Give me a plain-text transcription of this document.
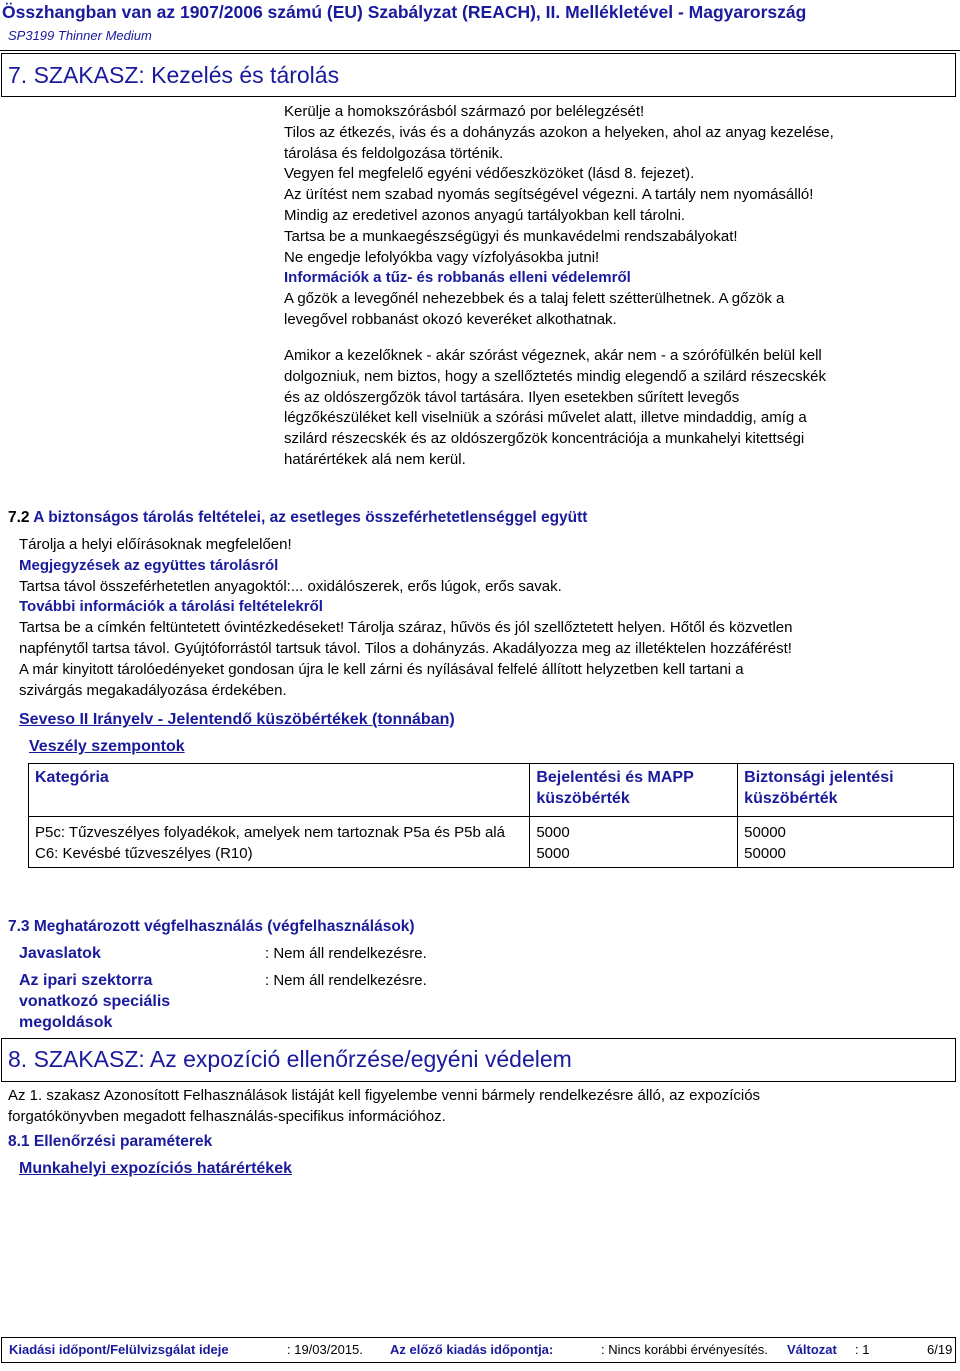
Összhangban van az 1907/2006 számú (EU) Szabályzat (REACH), II. Mellékletével - Magyarország
SP3199 Thinner Medium
7. SZAKASZ: Kezelés és tárolás
Kerülje a homokszórásból származó por belélegzését!
Tilos az étkezés, ivás és a dohányzás azokon a helyeken, ahol az anyag kezelése,
tárolása és feldolgozása történik.
Vegyen fel megfelelő egyéni védőeszközöket (lásd 8. fejezet).
Az ürítést nem szabad nyomás segítségével végezni. A tartály nem nyomásálló!
Mindig az eredetivel azonos anyagú tartályokban kell tárolni.
Tartsa be a munkaegészségügyi és munkavédelmi rendszabályokat!
Ne engedje lefolyókba vagy vízfolyásokba jutni!
Információk a tűz- és robbanás elleni védelemről
A gőzök a levegőnél nehezebbek és a talaj felett szétterülhetnek. A gőzök a
levegővel robbanást okozó keveréket alkothatnak.
Amikor a kezelőknek - akár szórást végeznek, akár nem - a szórófülkén belül kell
dolgozniuk, nem biztos, hogy a szellőztetés mindig elegendő a szilárd részecskék
és az oldószergőzök távol tartására. Ilyen esetekben sűrített levegős
légzőkészüléket kell viselniük a szórási művelet alatt, illetve mindaddig, amíg a
szilárd részecskék és az oldószergőzök koncentrációja a munkahelyi kitettségi
határértékek alá nem kerül.
7.2 A biztonságos tárolás feltételei, az esetleges összeférhetetlenséggel együtt
Tárolja a helyi előírásoknak megfelelően!
Megjegyzések az együttes tárolásról
Tartsa távol összeférhetetlen anyagoktól:... oxidálószerek, erős lúgok, erős savak.
További információk a tárolási feltételekről
Tartsa be a címkén feltüntetett óvintézkedéseket! Tárolja száraz, hűvös és jól szellőztetett helyen. Hőtől és közvetlen
napfénytől tartsa távol. Gyújtóforrástól tartsuk távol. Tilos a dohányzás. Akadályozza meg az illetéktelen hozzáférést!
A már kinyitott tárolóedényeket gondosan újra le kell zárni és nyílásával felfelé állított helyzetben kell tartani a
szivárgás megakadályozása érdekében.
Seveso II Irányelv - Jelentendő küszöbértékek (tonnában)
Veszély szempontok
Kategória	Bejelentési és MAPP küszöbérték	Biztonsági jelentési küszöbérték
P5c: Tűzveszélyes folyadékok, amelyek nem tartoznak P5a és P5b alá	5000	50000
C6: Kevésbé tűzveszélyes (R10)	5000	50000
7.3 Meghatározott végfelhasználás (végfelhasználások)
Javaslatok	: Nem áll rendelkezésre.
Az ipari szektorra vonatkozó speciális megoldások
: Nem áll rendelkezésre.
8. SZAKASZ: Az expozíció ellenőrzése/egyéni védelem
Az 1. szakasz Azonosított Felhasználások listáját kell figyelembe venni bármely rendelkezésre álló, az expozíciós
forgatókönyvben megadott felhasználás-specifikus információhoz.
8.1 Ellenőrzési paraméterek
Munkahelyi expozíciós határértékek
Kiadási időpont/Felülvizsgálat ideje	: 19/03/2015. Az előző kiadás időpontja:	: Nincs korábbi érvényesítés. Változat : 1	6/19
